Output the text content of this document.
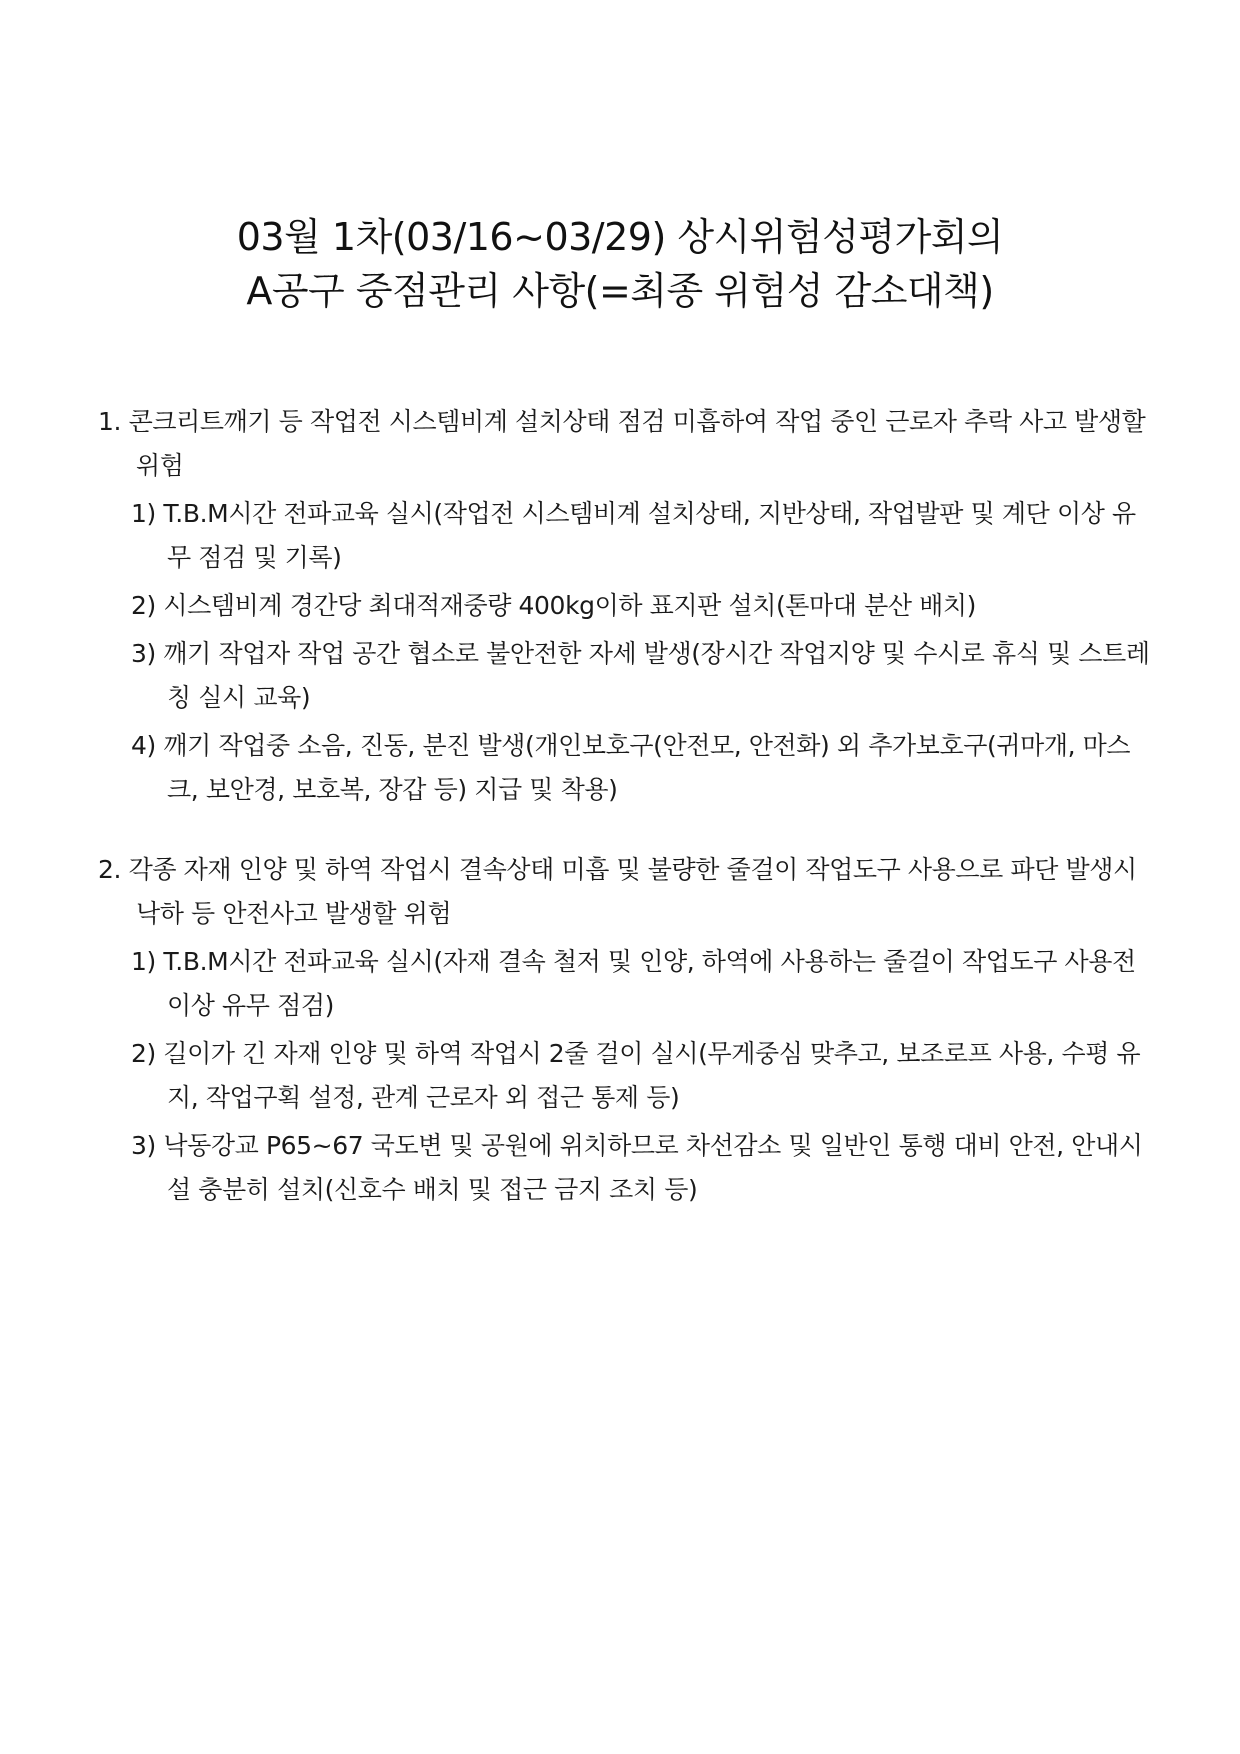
03월 1차(03/16~03/29) 상시위험성평가회의
A공구 중점관리 사항(=최종 위험성 감소대책)
1. 콘크리트깨기 등 작업전 시스템비계 설치상태 점검 미흡하여 작업 중인 근로자 추락 사고 발생할 위험
1) T.B.M시간 전파교육 실시(작업전 시스템비계 설치상태, 지반상태, 작업발판 및 계단 이상 유무 점검 및 기록)
2) 시스템비계 경간당 최대적재중량 400kg이하 표지판 설치(톤마대 분산 배치)
3) 깨기 작업자 작업 공간 협소로 불안전한 자세 발생(장시간 작업지양 및 수시로 휴식 및 스트레칭 실시 교육)
4) 깨기 작업중 소음, 진동, 분진 발생(개인보호구(안전모, 안전화) 외 추가보호구(귀마개, 마스크, 보안경, 보호복, 장갑 등) 지급 및 착용)
2. 각종 자재 인양 및 하역 작업시 결속상태 미흡 및 불량한 줄걸이 작업도구 사용으로 파단 발생시 낙하 등 안전사고 발생할 위험
1) T.B.M시간 전파교육 실시(자재 결속 철저 및 인양, 하역에 사용하는 줄걸이 작업도구 사용전 이상 유무 점검)
2) 길이가 긴 자재 인양 및 하역 작업시 2줄 걸이 실시(무게중심 맞추고, 보조로프 사용, 수평 유지, 작업구획 설정, 관계 근로자 외 접근 통제 등)
3) 낙동강교 P65~67 국도변 및 공원에 위치하므로 차선감소 및 일반인 통행 대비 안전, 안내시설 충분히 설치(신호수 배치 및 접근 금지 조치 등)
